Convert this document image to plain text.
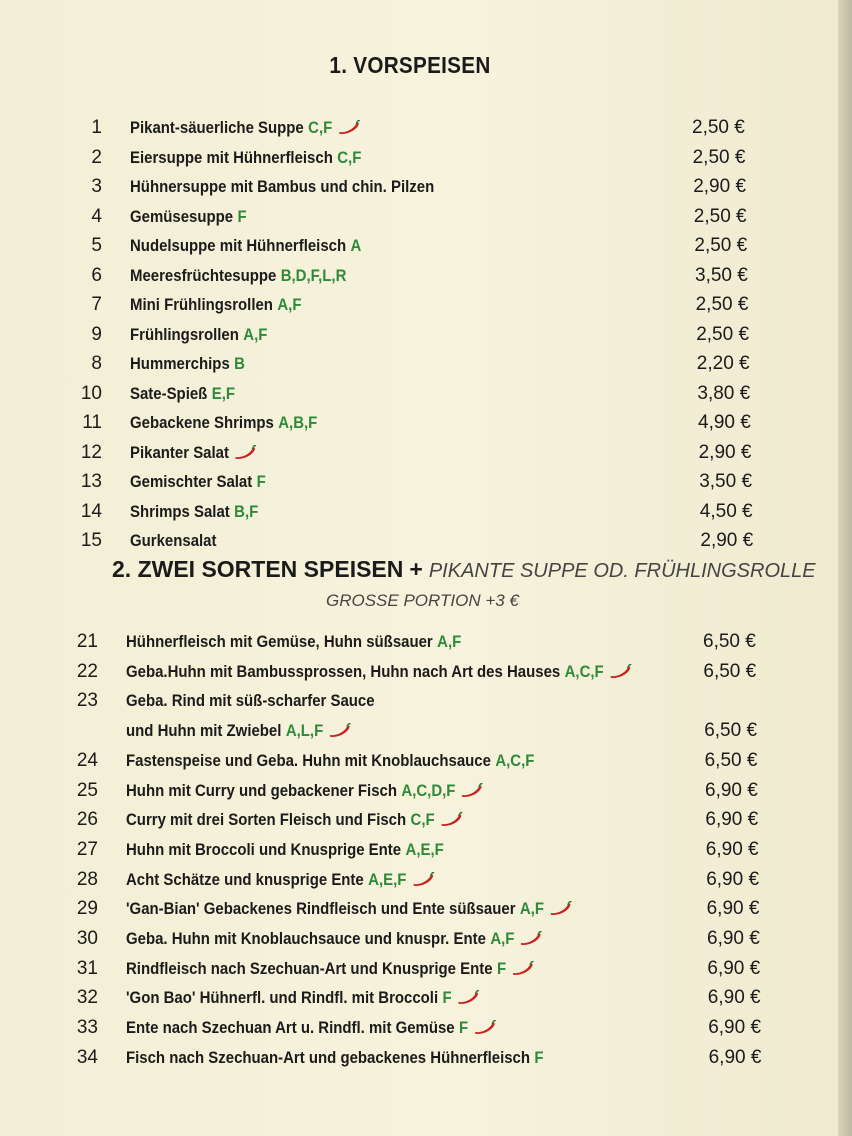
1. VORSPEISEN
1 Pikant-säuerliche Suppe C,F	2,50 €
2 Eiersuppe mit Hühnerfleisch C,F	2,50 €
3 Hühnersuppe mit Bambus und chin. Pilzen	2,90 €
4 Gemüsesuppe F	2,50 €
5 Nudelsuppe mit Hühnerfleisch A	2,50 €
6 Meeresfrüchtesuppe B,D,F,L,R	3,50 €
7 Mini Frühlingsrollen A,F	2,50 €
9 Frühlingsrollen A,F	2,50 €
8 Hummerchips B	2,20 €
10 Sate-Spieß E,F	3,80 €
11 Gebackene Shrimps A,B,F	4,90 €
12 Pikanter Salat	2,90 €
13 Gemischter Salat F	3,50 €
14 Shrimps Salat B,F	4,50 €
15 Gurkensalat	2,90 €
2. ZWEI SORTEN SPEISEN + PIKANTE SUPPE OD. FRÜHLINGSROLLE
GROSSE PORTION +3 €
21 Hühnerfleisch mit Gemüse, Huhn süßsauer A,F	6,50 €
22 Geba.Huhn mit Bambussprossen, Huhn nach Art des Hauses A,C,F	6,50 €
23 Geba. Rind mit süß-scharfer Sauce
und Huhn mit Zwiebel A,L,F	6,50 €
24 Fastenspeise und Geba. Huhn mit Knoblauchsauce A,C,F	6,50 €
25 Huhn mit Curry und gebackener Fisch A,C,D,F	6,90 €
26 Curry mit drei Sorten Fleisch und Fisch C,F	6,90 €
27 Huhn mit Broccoli und Knusprige Ente A,E,F	6,90 €
28 Acht Schätze und knusprige Ente A,E,F	6,90 €
29 'Gan-Bian' Gebackenes Rindfleisch und Ente süßsauer A,F	6,90 €
30 Geba. Huhn mit Knoblauchsauce und knuspr. Ente A,F	6,90 €
31 Rindfleisch nach Szechuan-Art und Knusprige Ente F	6,90 €
32 'Gon Bao' Hühnerfl. und Rindfl. mit Broccoli F	6,90 €
33 Ente nach Szechuan Art u. Rindfl. mit Gemüse F	6,90 €
34 Fisch nach Szechuan-Art und gebackenes Hühnerfleisch F	6,90 €
